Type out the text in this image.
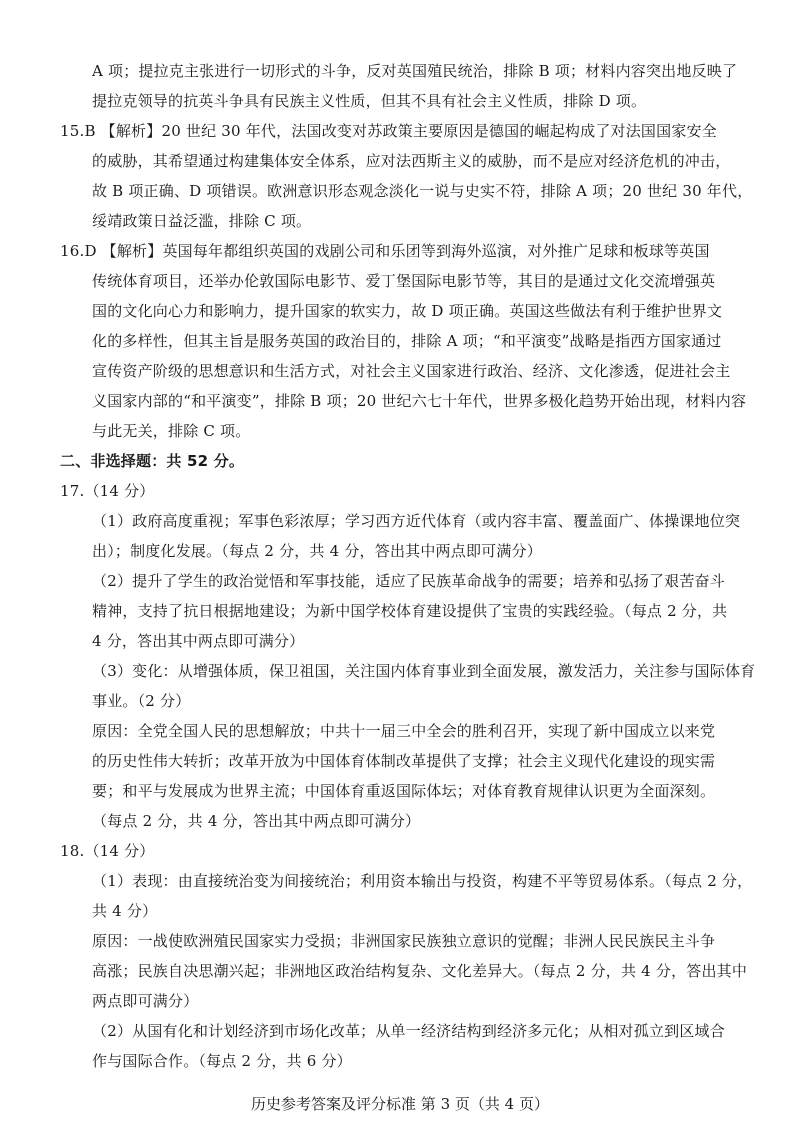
A 项；提拉克主张进行一切形式的斗争，反对英国殖民统治，排除 B 项；材料内容突出地反映了
提拉克领导的抗英斗争具有民族主义性质，但其不具有社会主义性质，排除 D 项。
15.B 【解析】20 世纪 30 年代，法国改变对苏政策主要原因是德国的崛起构成了对法国国家安全
的威胁，其希望通过构建集体安全体系，应对法西斯主义的威胁，而不是应对经济危机的冲击，
故 B 项正确、D 项错误。欧洲意识形态观念淡化一说与史实不符，排除 A 项；20 世纪 30 年代，
绥靖政策日益泛滥，排除 C 项。
16.D 【解析】英国每年都组织英国的戏剧公司和乐团等到海外巡演，对外推广足球和板球等英国
传统体育项目，还举办伦敦国际电影节、爱丁堡国际电影节等，其目的是通过文化交流增强英
国的文化向心力和影响力，提升国家的软实力，故 D 项正确。英国这些做法有利于维护世界文
化的多样性，但其主旨是服务英国的政治目的，排除 A 项；“和平演变”战略是指西方国家通过
宣传资产阶级的思想意识和生活方式，对社会主义国家进行政治、经济、文化渗透，促进社会主
义国家内部的“和平演变”，排除 B 项；20 世纪六七十年代，世界多极化趋势开始出现，材料内容
与此无关，排除 C 项。
二、非选择题：共 52 分。
17.（14 分）
（1）政府高度重视；军事色彩浓厚；学习西方近代体育（或内容丰富、覆盖面广、体操课地位突
出）；制度化发展。（每点 2 分，共 4 分，答出其中两点即可满分）
（2）提升了学生的政治觉悟和军事技能，适应了民族革命战争的需要；培养和弘扬了艰苦奋斗
精神，支持了抗日根据地建设；为新中国学校体育建设提供了宝贵的实践经验。（每点 2 分，共
4 分，答出其中两点即可满分）
（3）变化：从增强体质，保卫祖国，关注国内体育事业到全面发展，激发活力，关注参与国际体育
事业。（2 分）
原因：全党全国人民的思想解放；中共十一届三中全会的胜利召开，实现了新中国成立以来党
的历史性伟大转折；改革开放为中国体育体制改革提供了支撑；社会主义现代化建设的现实需
要；和平与发展成为世界主流；中国体育重返国际体坛；对体育教育规律认识更为全面深刻。
（每点 2 分，共 4 分，答出其中两点即可满分）
18.（14 分）
（1）表现：由直接统治变为间接统治；利用资本输出与投资，构建不平等贸易体系。（每点 2 分，
共 4 分）
原因：一战使欧洲殖民国家实力受损；非洲国家民族独立意识的觉醒；非洲人民民族民主斗争
高涨；民族自决思潮兴起；非洲地区政治结构复杂、文化差异大。（每点 2 分，共 4 分，答出其中
两点即可满分）
（2）从国有化和计划经济到市场化改革；从单一经济结构到经济多元化；从相对孤立到区域合
作与国际合作。（每点 2 分，共 6 分）
历史参考答案及评分标准 第 3 页（共 4 页）
